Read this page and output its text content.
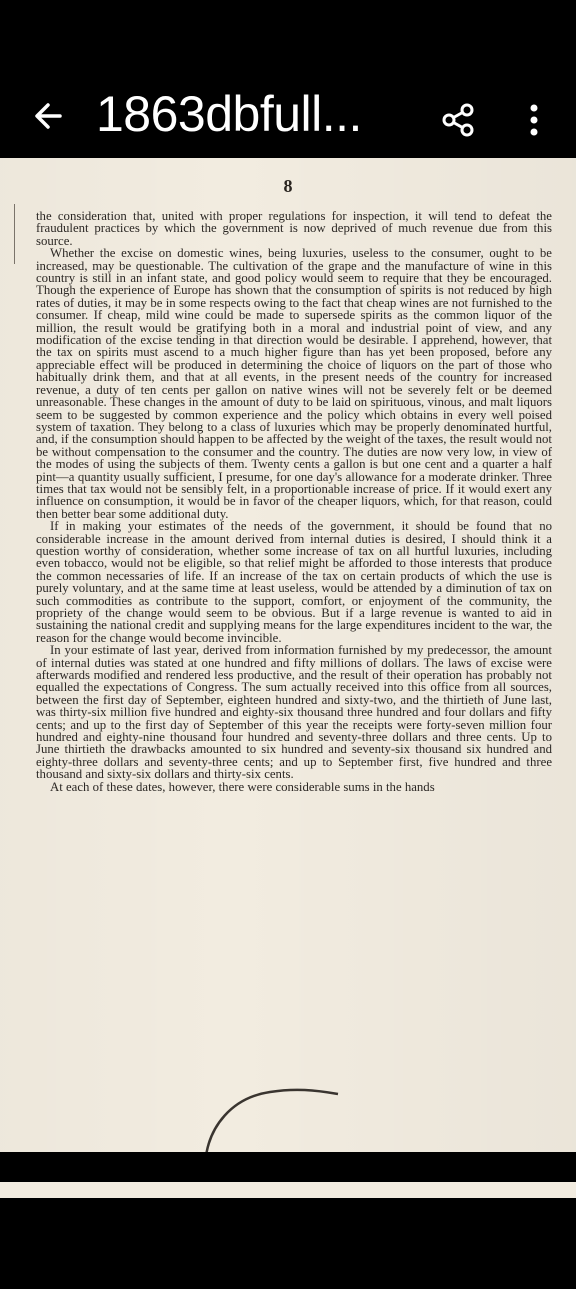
1863dbfull...
8

the consideration that, united with proper regulations for inspection, it will tend to defeat the fraudulent practices by which the government is now deprived of much revenue due from this source.

Whether the excise on domestic wines, being luxuries, useless to the consumer, ought to be increased, may be questionable. The cultivation of the grape and the manufacture of wine in this country is still in an infant state, and good policy would seem to require that they be encouraged. Though the experience of Europe has shown that the consumption of spirits is not reduced by high rates of duties, it may be in some respects owing to the fact that cheap wines are not furnished to the consumer. If cheap, mild wine could be made to supersede spirits as the common liquor of the million, the result would be gratifying both in a moral and industrial point of view, and any modification of the excise tending in that direction would be desirable. I apprehend, however, that the tax on spirits must ascend to a much higher figure than has yet been proposed, before any appreciable effect will be produced in determining the choice of liquors on the part of those who habitually drink them, and that at all events, in the present needs of the country for increased revenue, a duty of ten cents per gallon on native wines will not be severely felt or be deemed unreasonable. These changes in the amount of duty to be laid on spirituous, vinous, and malt liquors seem to be suggested by common experience and the policy which obtains in every well poised system of taxation. They belong to a class of luxuries which may be properly denominated hurtful, and, if the consumption should happen to be affected by the weight of the taxes, the result would not be without compensation to the consumer and the country. The duties are now very low, in view of the modes of using the subjects of them. Twenty cents a gallon is but one cent and a quarter a half pint—a quantity usually sufficient, I presume, for one day's allowance for a moderate drinker. Three times that tax would not be sensibly felt, in a proportionable increase of price. If it would exert any influence on consumption, it would be in favor of the cheaper liquors, which, for that reason, could then better bear some additional duty.

If in making your estimates of the needs of the government, it should be found that no considerable increase in the amount derived from internal duties is desired, I should think it a question worthy of consideration, whether some increase of tax on all hurtful luxuries, including even tobacco, would not be eligible, so that relief might be afforded to those interests that produce the common necessaries of life. If an increase of the tax on certain products of which the use is purely voluntary, and at the same time at least useless, would be attended by a diminution of tax on such commodities as contribute to the support, comfort, or enjoyment of the community, the propriety of the change would seem to be obvious. But if a large revenue is wanted to aid in sustaining the national credit and supplying means for the large expenditures incident to the war, the reason for the change would become invincible.

In your estimate of last year, derived from information furnished by my predecessor, the amount of internal duties was stated at one hundred and fifty millions of dollars. The laws of excise were afterwards modified and rendered less productive, and the result of their operation has probably not equalled the expectations of Congress. The sum actually received into this office from all sources, between the first day of September, eighteen hundred and sixty-two, and the thirtieth of June last, was thirty-six million five hundred and eighty-six thousand three hundred and four dollars and fifty cents; and up to the first day of September of this year the receipts were forty-seven million four hundred and eighty-nine thousand four hundred and seventy-three dollars and three cents. Up to June thirtieth the drawbacks amounted to six hundred and seventy-six thousand six hundred and eighty-three dollars and seventy-three cents; and up to September first, five hundred and three thousand and sixty-six dollars and thirty-six cents.

At each of these dates, however, there were considerable sums in the hands
